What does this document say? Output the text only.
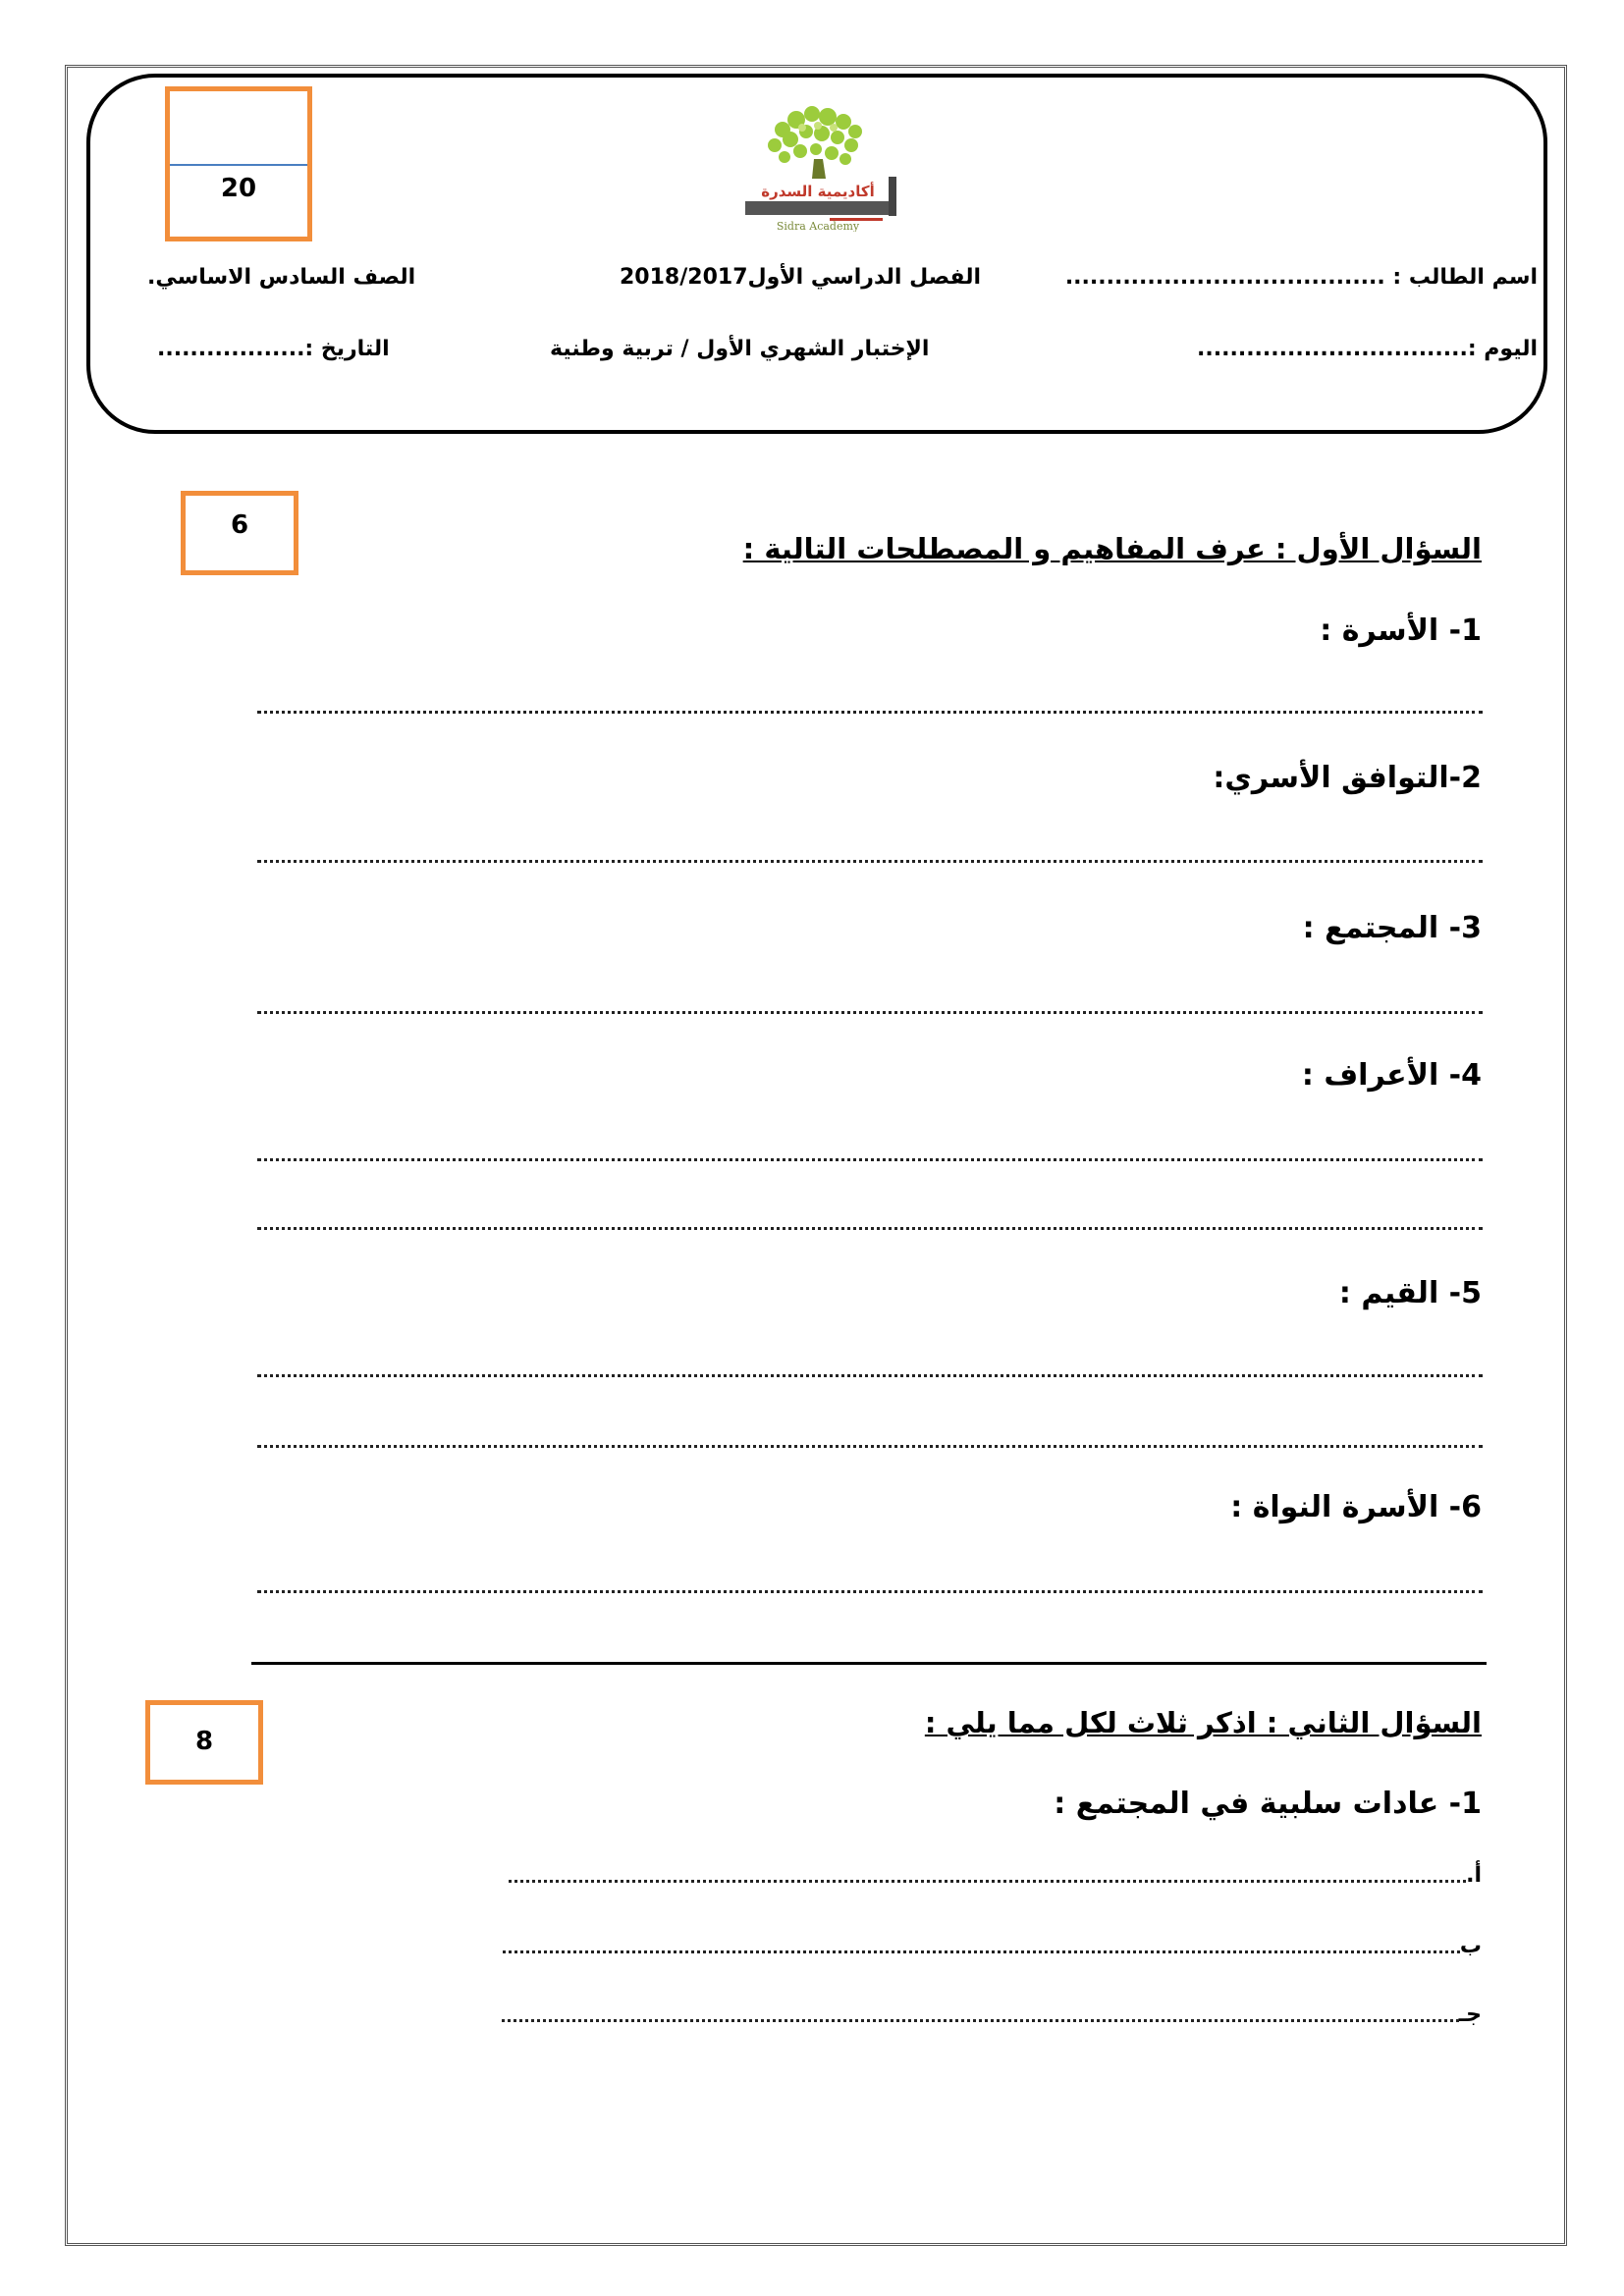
20	أكاديمية السدرة
Sidra Academy
اسم الطالب : .......................................
الفصل الدراسي الأول2018/2017
الصف السادس الاساسي.
اليوم :.................................
الإختبار الشهري الأول / تربية وطنية
التاريخ :..................
6
السؤال الأول : عرف المفاهيم و المصطلحات التالية :
1- الأسرة :
2-التوافق الأسري:
3- المجتمع :
4- الأعراف :
5- القيم :
6- الأسرة النواة :
8
السؤال الثاني : اذكر ثلاث لكل مما يلي :
1- عادات سلبية في المجتمع :
أ.
ب
جـ
